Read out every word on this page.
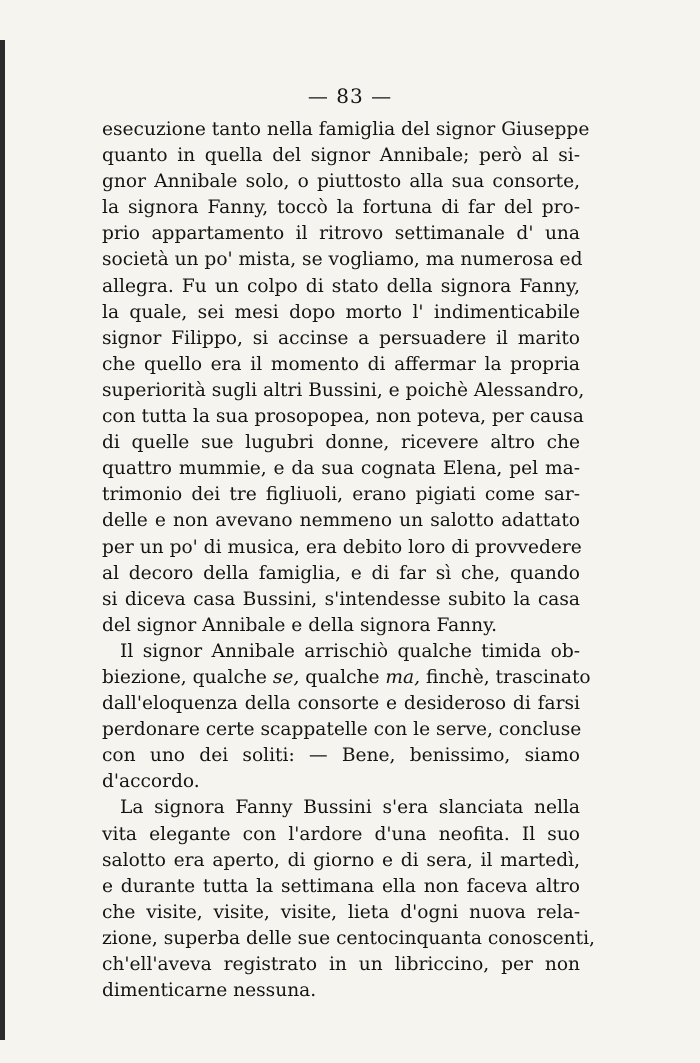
— 83 —
esecuzione tanto nella famiglia del signor Giuseppe
quanto in quella del signor Annibale; però al si-
gnor Annibale solo, o piuttosto alla sua consorte,
la signora Fanny, toccò la fortuna di far del pro-
prio appartamento il ritrovo settimanale d' una
società un po' mista, se vogliamo, ma numerosa ed
allegra. Fu un colpo di stato della signora Fanny,
la quale, sei mesi dopo morto l' indimenticabile
signor Filippo, si accinse a persuadere il marito
che quello era il momento di affermar la propria
superiorità sugli altri Bussini, e poichè Alessandro,
con tutta la sua prosopopea, non poteva, per causa
di quelle sue lugubri donne, ricevere altro che
quattro mummie, e da sua cognata Elena, pel ma-
trimonio dei tre figliuoli, erano pigiati come sar-
delle e non avevano nemmeno un salotto adattato
per un po' di musica, era debito loro di provvedere
al decoro della famiglia, e di far sì che, quando
si diceva casa Bussini, s'intendesse subito la casa
del signor Annibale e della signora Fanny.
Il signor Annibale arrischiò qualche timida ob-
biezione, qualche se, qualche ma, finchè, trascinato
dall'eloquenza della consorte e desideroso di farsi
perdonare certe scappatelle con le serve, concluse
con uno dei soliti: — Bene, benissimo, siamo
d'accordo.
La signora Fanny Bussini s'era slanciata nella
vita elegante con l'ardore d'una neofita. Il suo
salotto era aperto, di giorno e di sera, il martedì,
e durante tutta la settimana ella non faceva altro
che visite, visite, visite, lieta d'ogni nuova rela-
zione, superba delle sue centocinquanta conoscenti,
ch'ell'aveva registrato in un libriccino, per non
dimenticarne nessuna.
